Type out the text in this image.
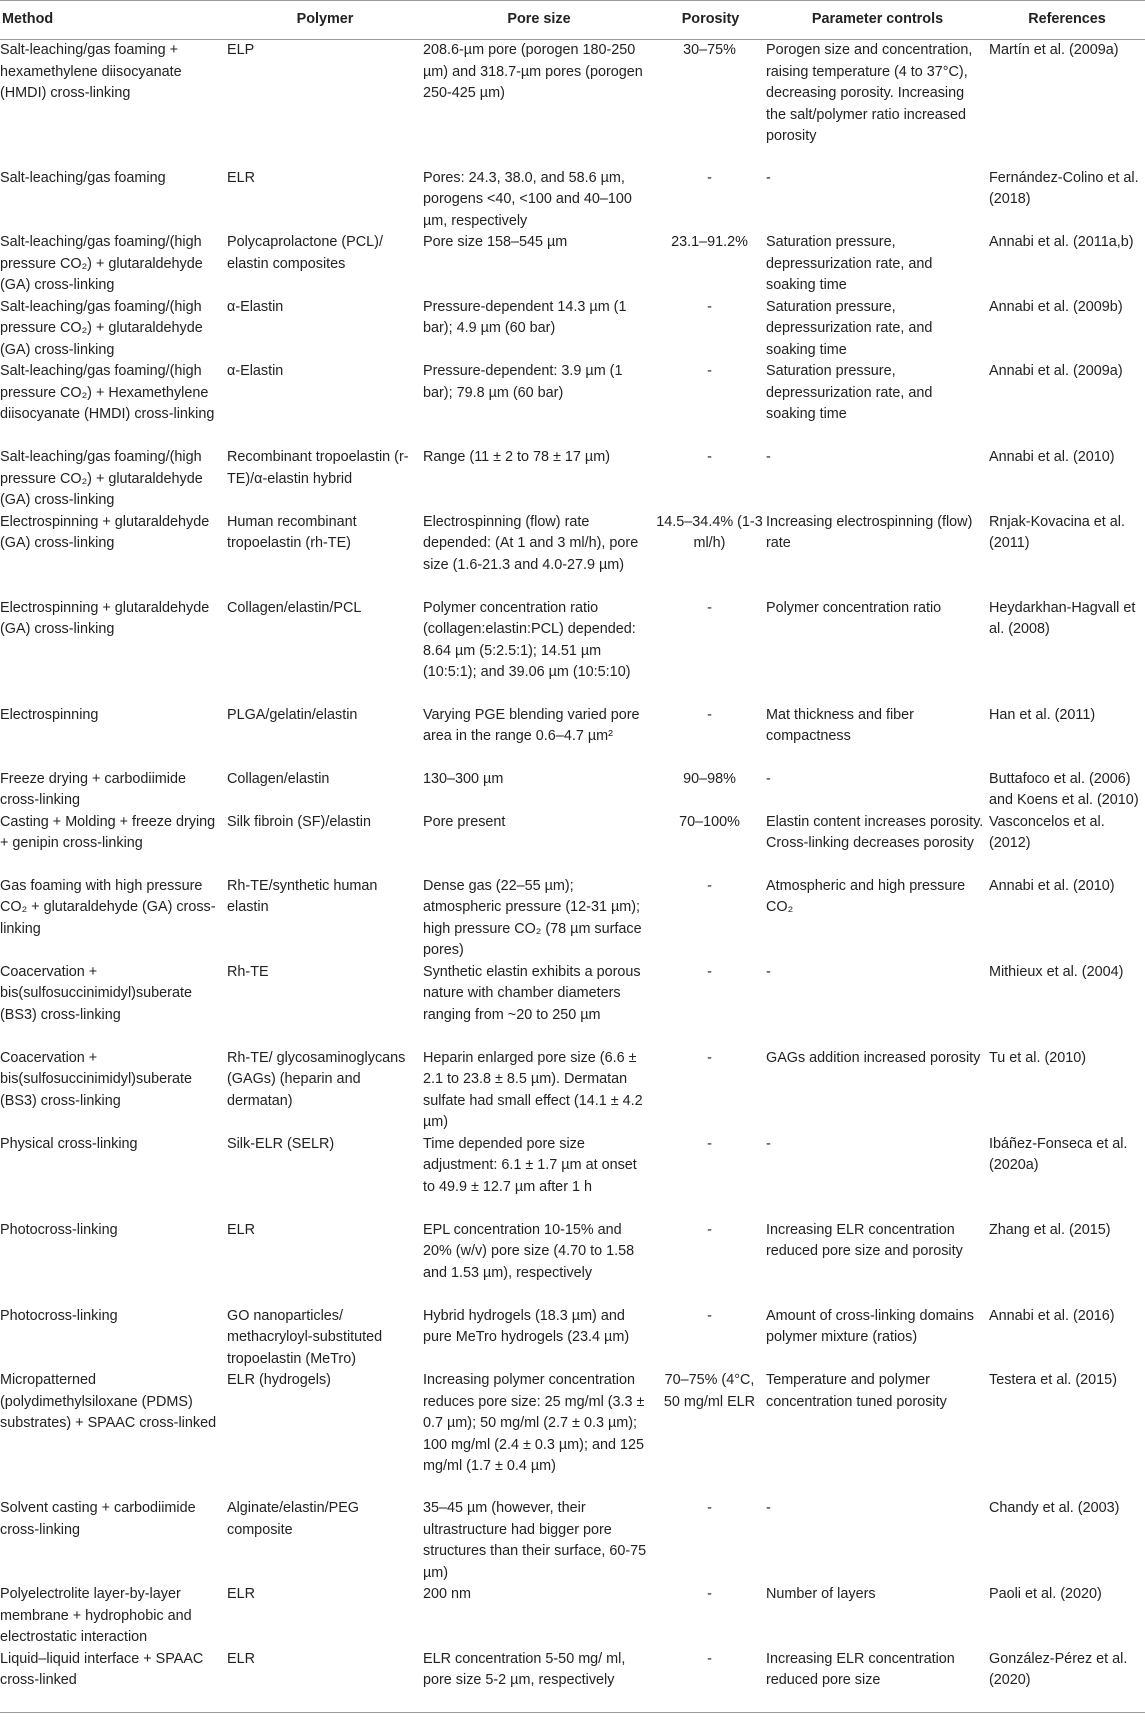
Method	Polymer	Pore size	Porosity	Parameter controls	References
Salt-leaching/gas foaming + hexamethylene diisocyanate (HMDI) cross-linking	ELP	208.6-µm pore (porogen 180-250 µm) and 318.7-µm pores (porogen 250-425 µm)	30–75%	Porogen size and concentration, raising temperature (4 to 37°C), decreasing porosity. Increasing the salt/polymer ratio increased porosity	Martín et al. (2009a)
Salt-leaching/gas foaming	ELR	Pores: 24.3, 38.0, and 58.6 µm, porogens <40, <100 and 40–100 µm, respectively	-	-	Fernández-Colino et al. (2018)
Salt-leaching/gas foaming/(high pressure CO₂) + glutaraldehyde (GA) cross-linking	Polycaprolactone (PCL)/ elastin composites	Pore size 158–545 µm	23.1–91.2%	Saturation pressure, depressurization rate, and soaking time	Annabi et al. (2011a,b)
Salt-leaching/gas foaming/(high pressure CO₂) + glutaraldehyde (GA) cross-linking	α-Elastin	Pressure-dependent 14.3 µm (1 bar); 4.9 µm (60 bar)	-	Saturation pressure, depressurization rate, and soaking time	Annabi et al. (2009b)
Salt-leaching/gas foaming/(high pressure CO₂) + Hexamethylene diisocyanate (HMDI) cross-linking	α-Elastin	Pressure-dependent: 3.9 µm (1 bar); 79.8 µm (60 bar)	-	Saturation pressure, depressurization rate, and soaking time	Annabi et al. (2009a)
Salt-leaching/gas foaming/(high pressure CO₂) + glutaraldehyde (GA) cross-linking	Recombinant tropoelastin (r-TE)/α-elastin hybrid	Range (11 ± 2 to 78 ± 17 µm)	-	-	Annabi et al. (2010)
Electrospinning + glutaraldehyde (GA) cross-linking	Human recombinant tropoelastin (rh-TE)	Electrospinning (flow) rate depended: (At 1 and 3 ml/h), pore size (1.6-21.3 and 4.0-27.9 µm)	14.5–34.4% (1-3 ml/h)	Increasing electrospinning (flow) rate	Rnjak-Kovacina et al. (2011)
Electrospinning + glutaraldehyde (GA) cross-linking	Collagen/elastin/PCL	Polymer concentration ratio (collagen:elastin:PCL) depended: 8.64 µm (5:2.5:1); 14.51 µm (10:5:1); and 39.06 µm (10:5:10)	-	Polymer concentration ratio	Heydarkhan-Hagvall et al. (2008)
Electrospinning	PLGA/gelatin/elastin	Varying PGE blending varied pore area in the range 0.6–4.7 µm²	-	Mat thickness and fiber compactness	Han et al. (2011)
Freeze drying + carbodiimide cross-linking	Collagen/elastin	130–300 µm	90–98%	-	Buttafoco et al. (2006) and Koens et al. (2010)
Casting + Molding + freeze drying + genipin cross-linking	Silk fibroin (SF)/elastin	Pore present	70–100%	Elastin content increases porosity. Cross-linking decreases porosity	Vasconcelos et al. (2012)
Gas foaming with high pressure CO₂ + glutaraldehyde (GA) cross-linking	Rh-TE/synthetic human elastin	Dense gas (22–55 µm); atmospheric pressure (12-31 µm); high pressure CO₂ (78 µm surface pores)	-	Atmospheric and high pressure CO₂	Annabi et al. (2010)
Coacervation + bis(sulfosuccinimidyl)suberate (BS3) cross-linking	Rh-TE	Synthetic elastin exhibits a porous nature with chamber diameters ranging from ~20 to 250 µm	-	-	Mithieux et al. (2004)
Coacervation + bis(sulfosuccinimidyl)suberate (BS3) cross-linking	Rh-TE/ glycosaminoglycans (GAGs) (heparin and dermatan)	Heparin enlarged pore size (6.6 ± 2.1 to 23.8 ± 8.5 µm). Dermatan sulfate had small effect (14.1 ± 4.2 µm)	-	GAGs addition increased porosity	Tu et al. (2010)
Physical cross-linking	Silk-ELR (SELR)	Time depended pore size adjustment: 6.1 ± 1.7 µm at onset to 49.9 ± 12.7 µm after 1 h	-	-	Ibáñez-Fonseca et al. (2020a)
Photocross-linking	ELR	EPL concentration 10-15% and 20% (w/v) pore size (4.70 to 1.58 and 1.53 µm), respectively	-	Increasing ELR concentration reduced pore size and porosity	Zhang et al. (2015)
Photocross-linking	GO nanoparticles/ methacryloyl-substituted tropoelastin (MeTro)	Hybrid hydrogels (18.3 µm) and pure MeTro hydrogels (23.4 µm)	-	Amount of cross-linking domains polymer mixture (ratios)	Annabi et al. (2016)
Micropatterned (polydimethylsiloxane (PDMS) substrates) + SPAAC cross-linked	ELR (hydrogels)	Increasing polymer concentration reduces pore size: 25 mg/ml (3.3 ± 0.7 µm); 50 mg/ml (2.7 ± 0.3 µm); 100 mg/ml (2.4 ± 0.3 µm); and 125 mg/ml (1.7 ± 0.4 µm)	70–75% (4°C, 50 mg/ml ELR	Temperature and polymer concentration tuned porosity	Testera et al. (2015)
Solvent casting + carbodiimide cross-linking	Alginate/elastin/PEG composite	35–45 µm (however, their ultrastructure had bigger pore structures than their surface, 60-75 µm)	-	-	Chandy et al. (2003)
Polyelectrolite layer-by-layer membrane + hydrophobic and electrostatic interaction	ELR	200 nm	-	Number of layers	Paoli et al. (2020)
Liquid–liquid interface + SPAAC cross-linked	ELR	ELR concentration 5-50 mg/ ml, pore size 5-2 µm, respectively	-	Increasing ELR concentration reduced pore size	González-Pérez et al. (2020)
